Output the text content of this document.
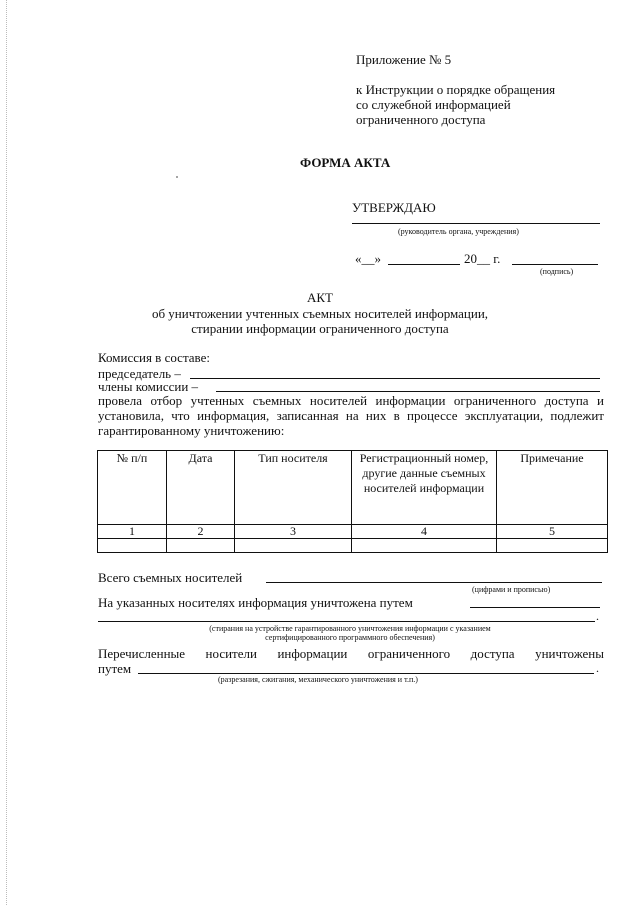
Приложение № 5
к Инструкции о порядке обращения
со служебной информацией
ограниченного доступа
ФОРМА АКТА
УТВЕРЖДАЮ
(руководитель органа, учреждения)
«__»	20__ г.
(подпись)
АКТ
об уничтожении учтенных съемных носителей информации,
стирании информации ограниченного доступа
Комиссия в составе:
председатель –
члены комиссии –
провела отбор учтенных съемных носителей информации ограниченного доступа и установила, что информация, записанная на них в процессе эксплуатации, подлежит гарантированному уничтожению:
№ п/п	Дата	Тип носителя	Регистрационный номер, другие данные съемных носителей информации	Примечание
1	2	3	4	5

Всего съемных носителей
(цифрами и прописью)
На указанных носителях информация уничтожена путем
.
(стирания на устройстве гарантированного уничтожения информации с указанием
сертифицированного программного обеспечения)
Перечисленные носители информации ограниченного доступа уничтожены
путем	.
(разрезания, сжигания, механического уничтожения и т.п.)
